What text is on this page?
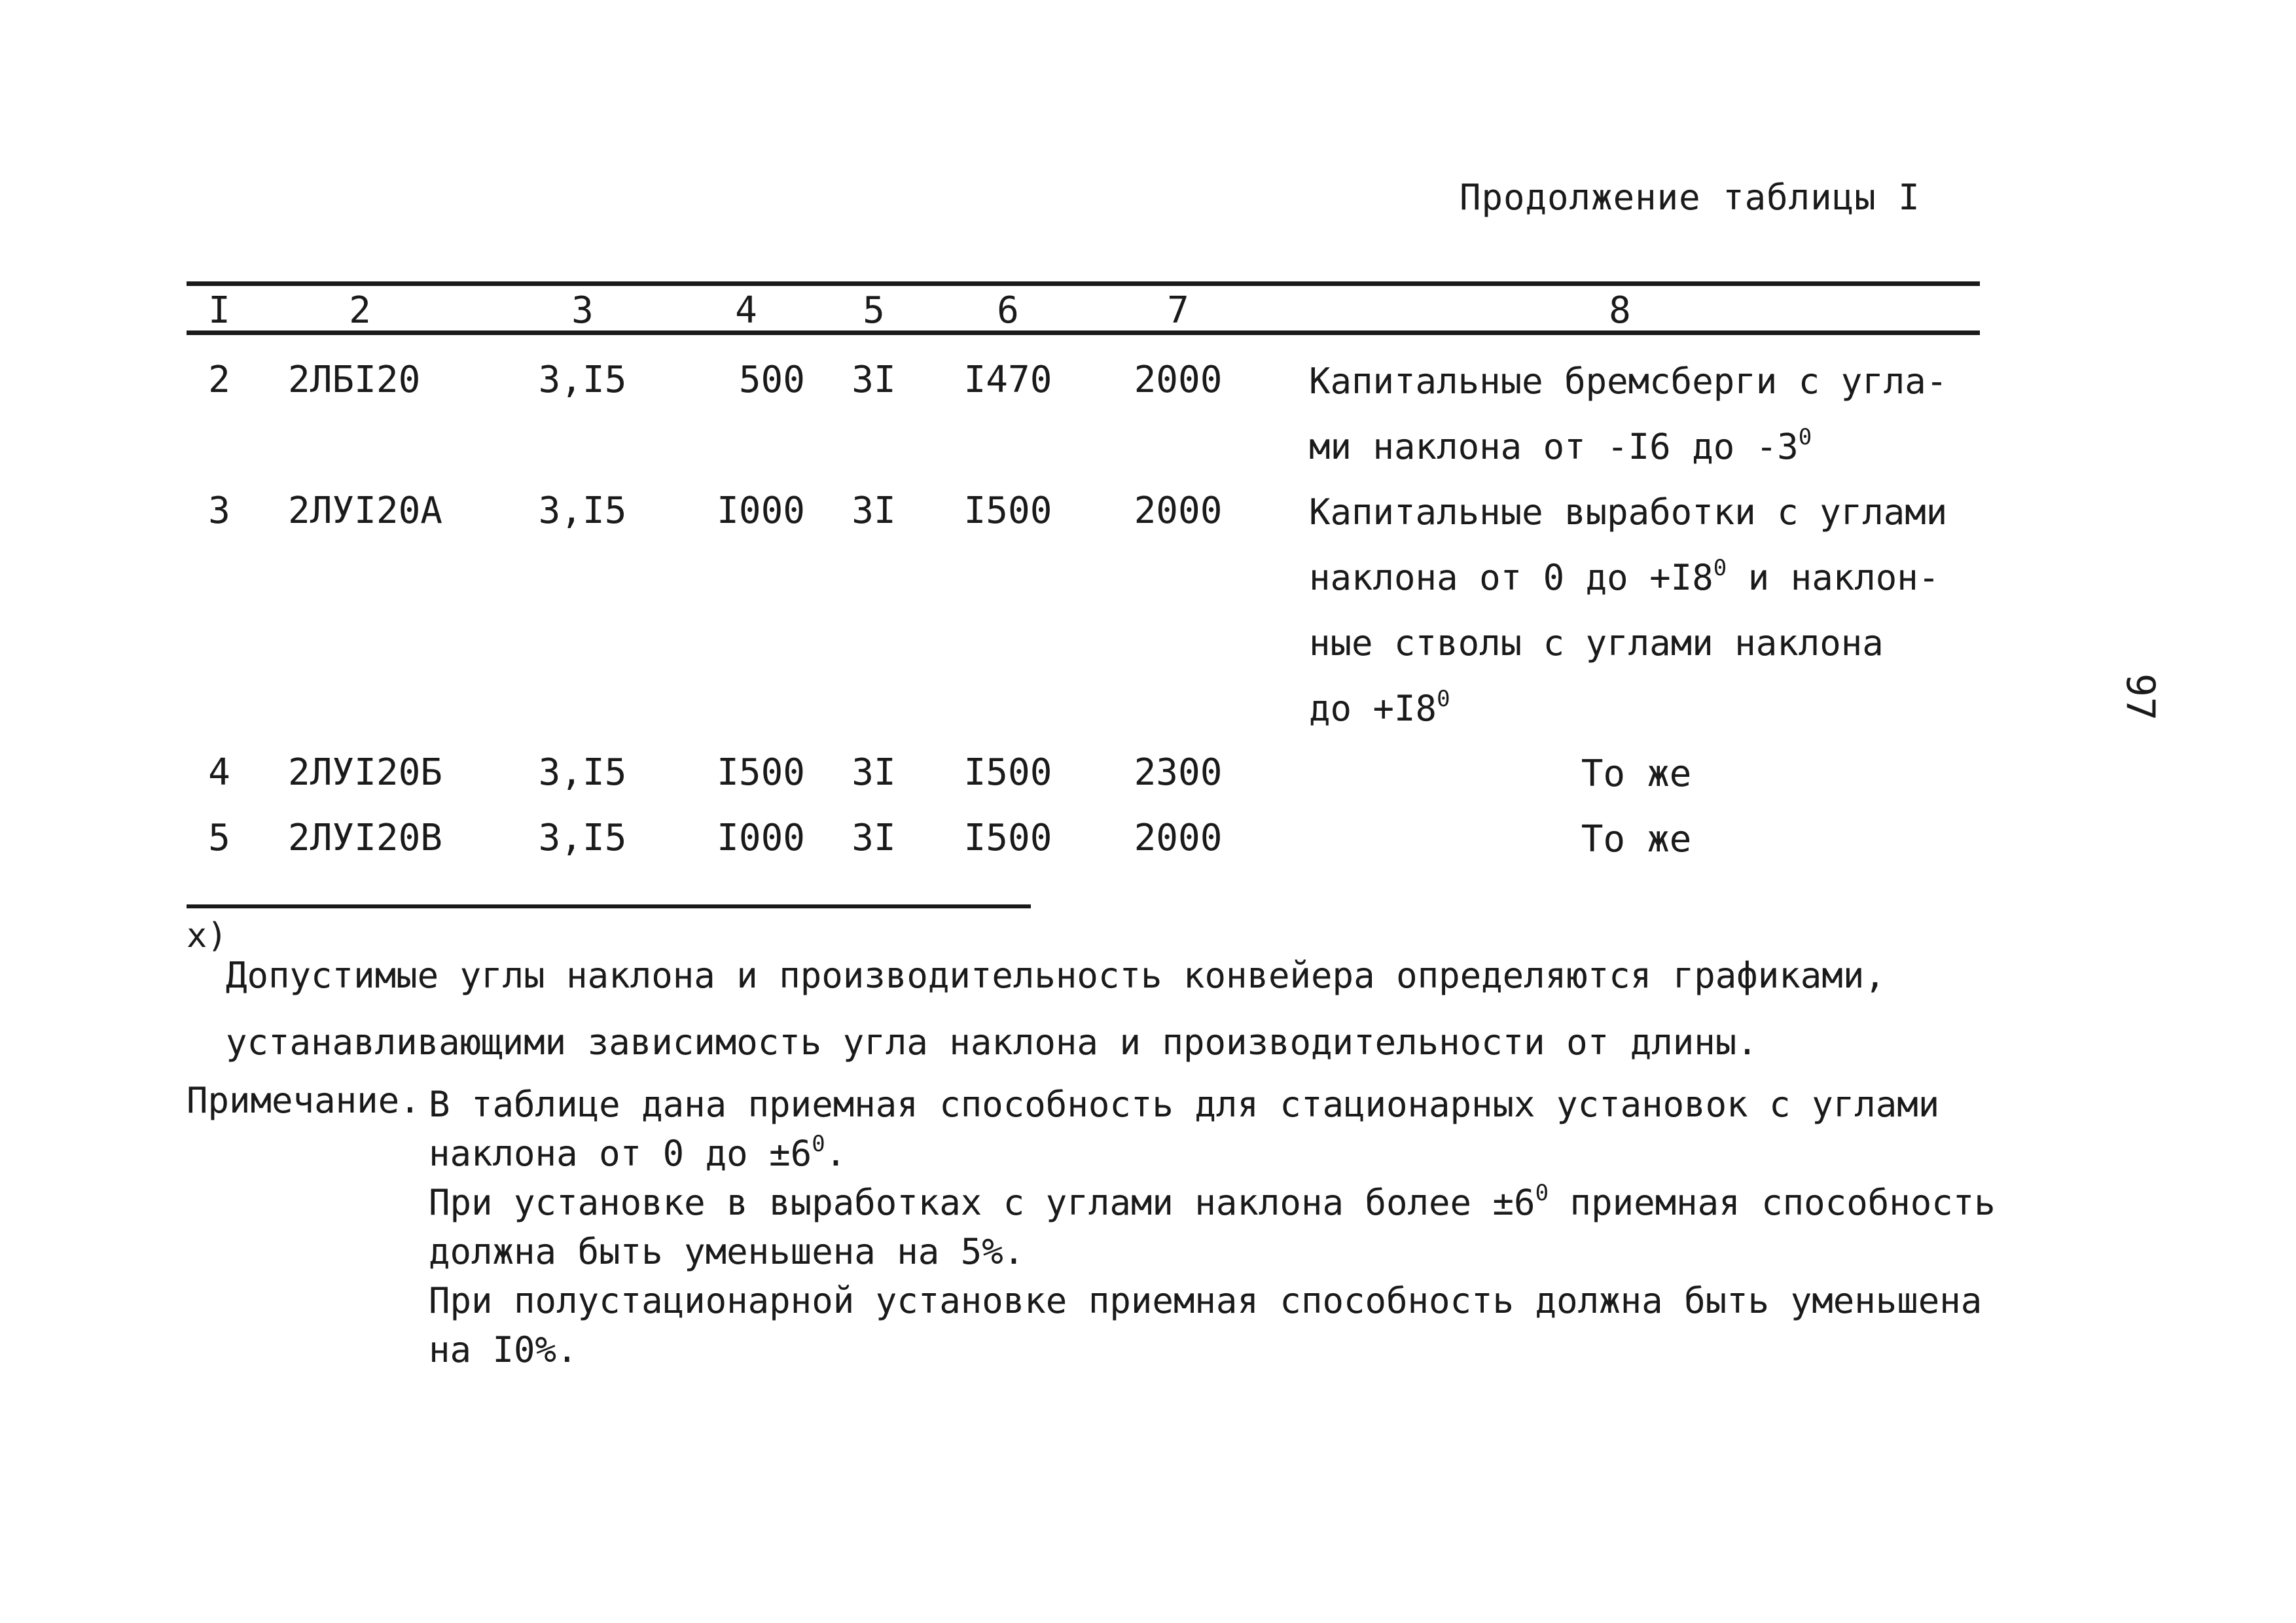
Продолжение таблицы I
I	2	3	4	5	6	7	8
2 2ЛБI20	3,I5	500	3I	I470	2000	Капитальные бремсберги с угла-
ми наклона от -I6 до $-3^0$
3 2ЛУI20А	3,I5	I000	3I	I500	2000	Капитальные выработки с углами
наклона от 0 до $+I8^0$ и наклон-
ные стволы с углами наклона
до $+I8^0$
4 2ЛУI20Б	3,I5	I500	3I	I500	2300	То же
5 2ЛУI20В	3,I5	I000	3I	I500	2000	То же
x)
Допустимые углы наклона и производительность конвейера определяются графиками,
устанавливающими зависимость угла наклона и производительности от длины.
Примечание. В таблице дана приемная способность для стационарных установок с углами

наклона от 0 до $\pm 6^0$.

При установке в выработках с углами наклона более $\pm 6^0$ приемная способность

должна быть уменьшена на 5%.

При полустационарной установке приемная способность должна быть уменьшена

на I0%.

97
